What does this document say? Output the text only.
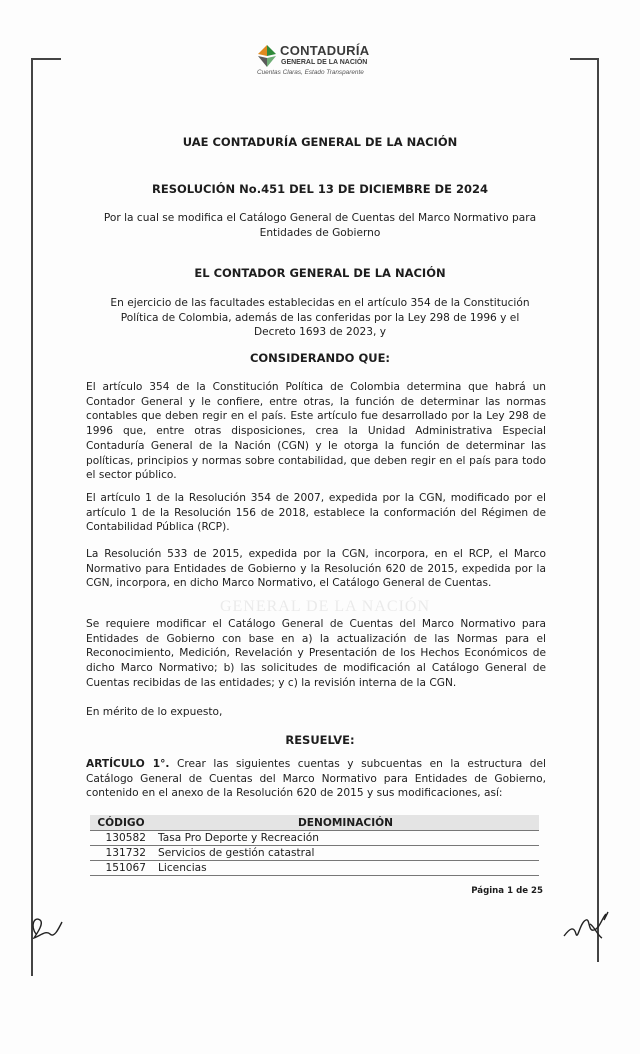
CONTADURÍA
GENERAL DE LA NACIÓN
Cuentas Claras, Estado Transparente
UAE CONTADURÍA GENERAL DE LA NACIÓN
RESOLUCIÓN No.451 DEL 13 DE DICIEMBRE DE 2024
Por la cual se modifica el Catálogo General de Cuentas del Marco Normativo para Entidades de Gobierno
EL CONTADOR GENERAL DE LA NACIÓN
En ejercicio de las facultades establecidas en el artículo 354 de la Constitución Política de Colombia, además de las conferidas por la Ley 298 de 1996 y el Decreto 1693 de 2023, y
CONSIDERANDO QUE:
El artículo 354 de la Constitución Política de Colombia determina que habrá un Contador General y le confiere, entre otras, la función de determinar las normas contables que deben regir en el país. Este artículo fue desarrollado por la Ley 298 de 1996 que, entre otras disposiciones, crea la Unidad Administrativa Especial Contaduría General de la Nación (CGN) y le otorga la función de determinar las políticas, principios y normas sobre contabilidad, que deben regir en el país para todo el sector público.
El artículo 1 de la Resolución 354 de 2007, expedida por la CGN, modificado por el artículo 1 de la Resolución 156 de 2018, establece la conformación del Régimen de Contabilidad Pública (RCP).
La Resolución 533 de 2015, expedida por la CGN, incorpora, en el RCP, el Marco Normativo para Entidades de Gobierno y la Resolución 620 de 2015, expedida por la CGN, incorpora, en dicho Marco Normativo, el Catálogo General de Cuentas.
GENERAL DE LA NACIÓN
Se requiere modificar el Catálogo General de Cuentas del Marco Normativo para Entidades de Gobierno con base en a) la actualización de las Normas para el Reconocimiento, Medición, Revelación y Presentación de los Hechos Económicos de dicho Marco Normativo; b) las solicitudes de modificación al Catálogo General de Cuentas recibidas de las entidades; y c) la revisión interna de la CGN.
En mérito de lo expuesto,
RESUELVE:
ARTÍCULO 1°. Crear las siguientes cuentas y subcuentas en la estructura del Catálogo General de Cuentas del Marco Normativo para Entidades de Gobierno, contenido en el anexo de la Resolución 620 de 2015 y sus modificaciones, así:
CÓDIGO	DENOMINACIÓN
130582	Tasa Pro Deporte y Recreación
131732	Servicios de gestión catastral
151067	Licencias
Página 1 de 25
